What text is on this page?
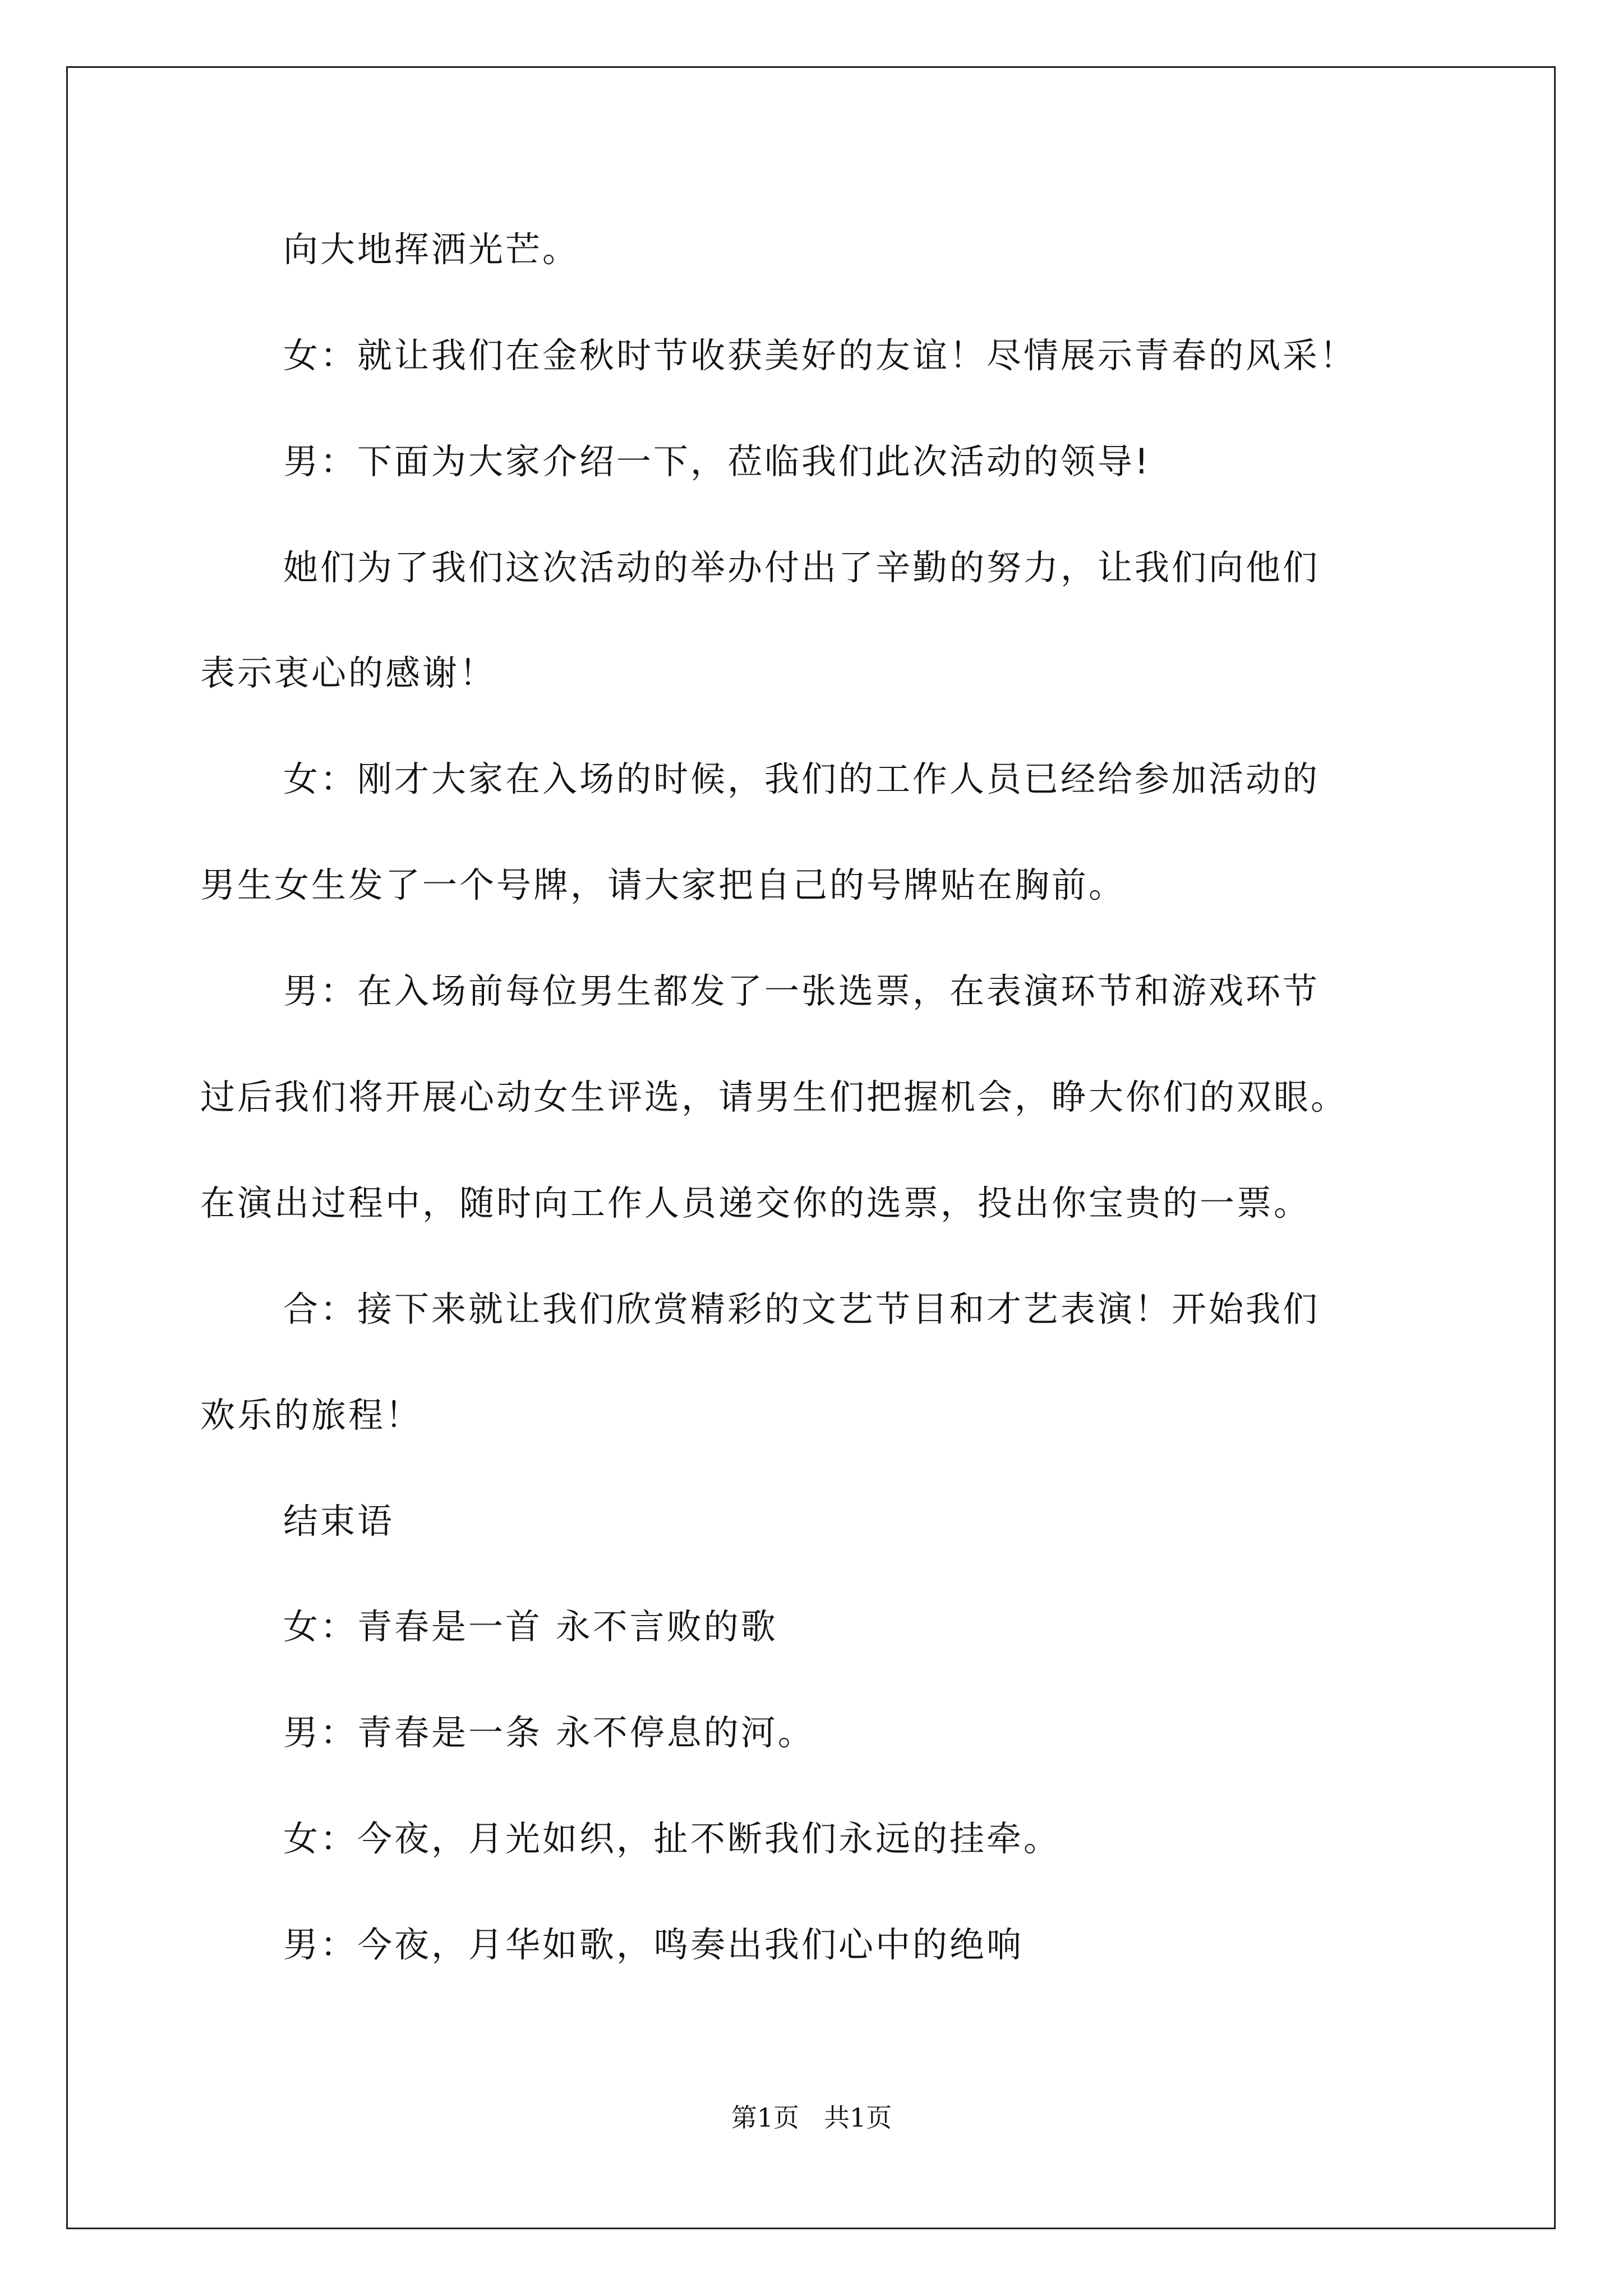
向大地挥洒光芒。
女：就让我们在金秋时节收获美好的友谊！尽情展示青春的风采！
男：下面为大家介绍一下，莅临我们此次活动的领导!
她们为了我们这次活动的举办付出了辛勤的努力，让我们向他们
表示衷心的感谢！
女：刚才大家在入场的时候，我们的工作人员已经给参加活动的
男生女生发了一个号牌，请大家把自己的号牌贴在胸前。
男：在入场前每位男生都发了一张选票，在表演环节和游戏环节
过后我们将开展心动女生评选，请男生们把握机会，睁大你们的双眼。
在演出过程中，随时向工作人员递交你的选票，投出你宝贵的一票。
合：接下来就让我们欣赏精彩的文艺节目和才艺表演！开始我们
欢乐的旅程！
结束语
女：青春是一首 永不言败的歌
男：青春是一条 永不停息的河。
女：今夜，月光如织，扯不断我们永远的挂牵。
男：今夜，月华如歌，鸣奏出我们心中的绝响
第1页 共1页
